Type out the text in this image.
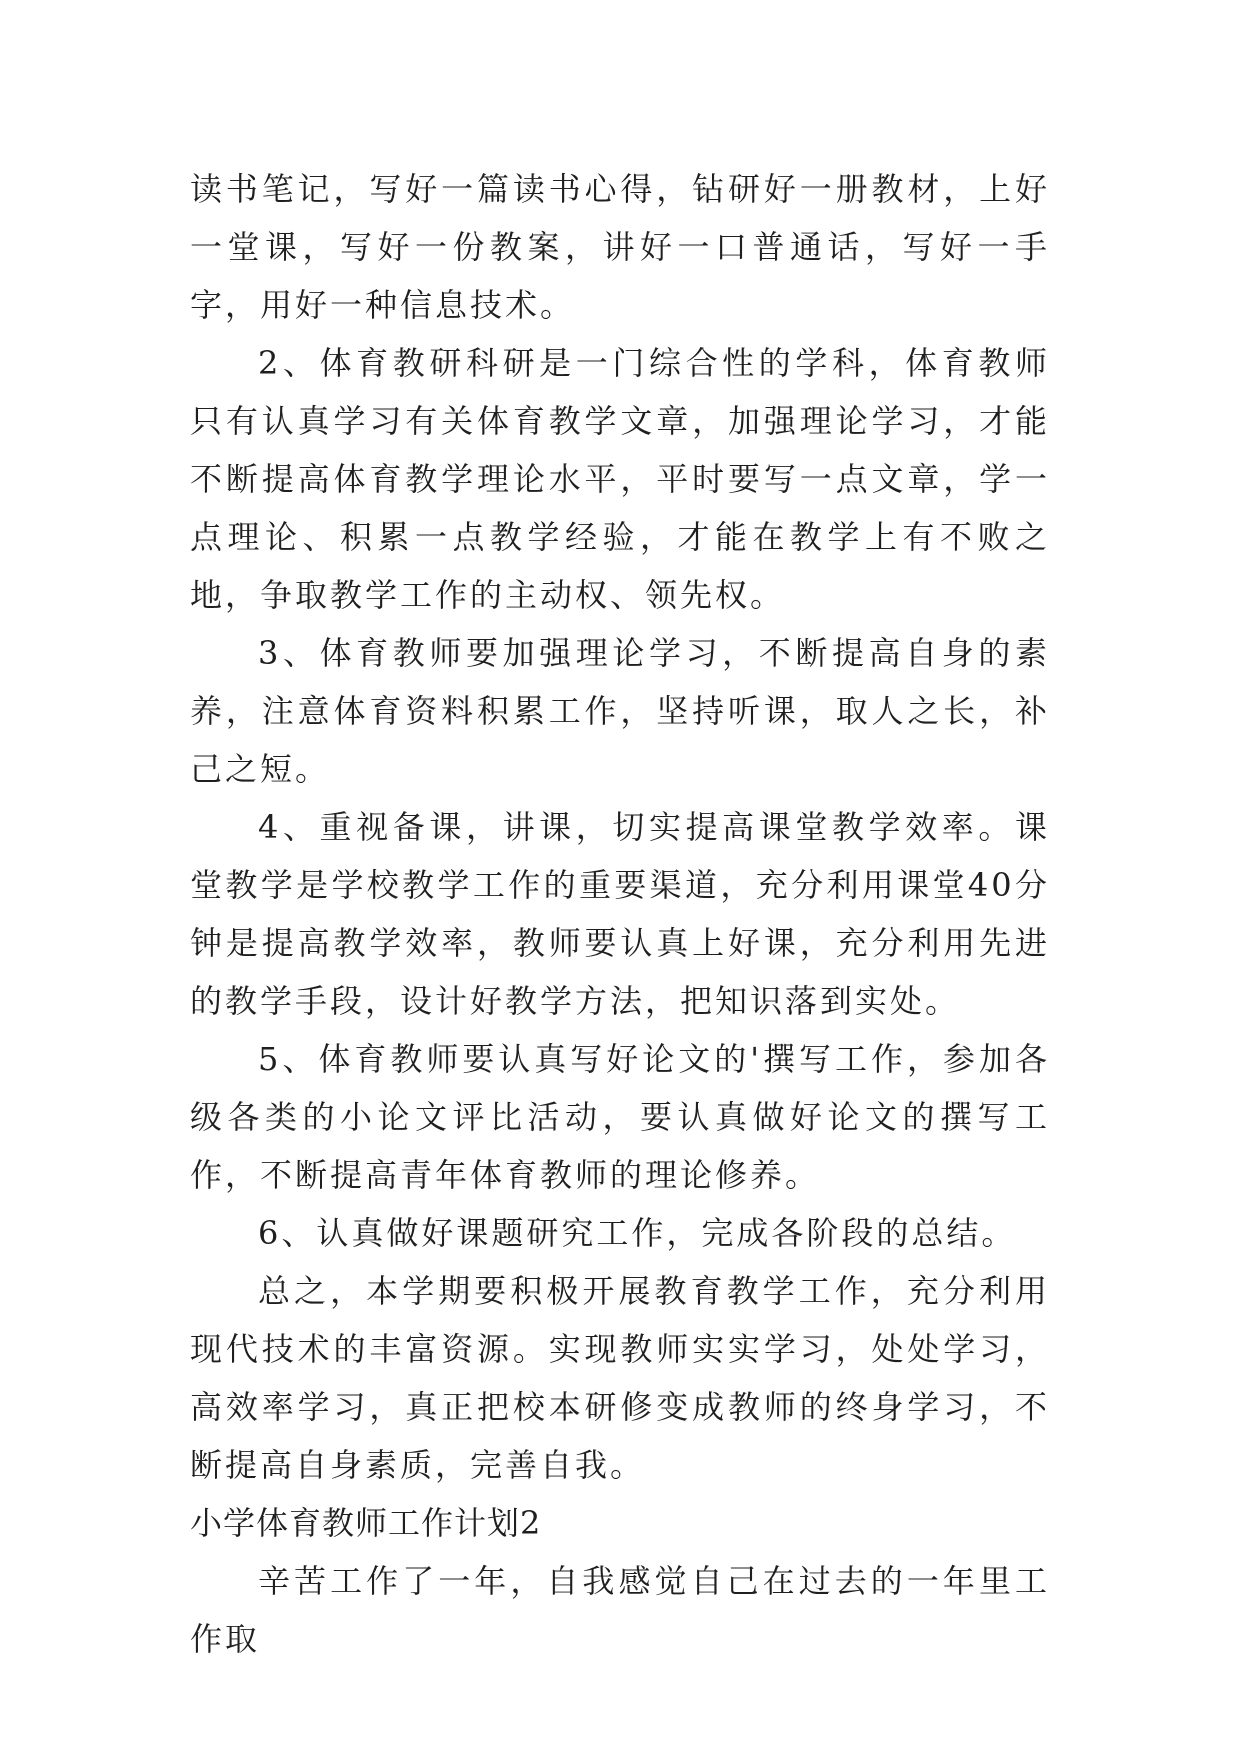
读书笔记，写好一篇读书心得，钻研好一册教材，上好一堂课，写好一份教案，讲好一口普通话，写好一手字，用好一种信息技术。

2、体育教研科研是一门综合性的学科，体育教师只有认真学习有关体育教学文章，加强理论学习，才能不断提高体育教学理论水平，平时要写一点文章，学一点理论、积累一点教学经验，才能在教学上有不败之地，争取教学工作的主动权、领先权。

3、体育教师要加强理论学习，不断提高自身的素养，注意体育资料积累工作，坚持听课，取人之长，补己之短。

4、重视备课，讲课，切实提高课堂教学效率。课堂教学是学校教学工作的重要渠道，充分利用课堂40分钟是提高教学效率，教师要认真上好课，充分利用先进的教学手段，设计好教学方法，把知识落到实处。

5、体育教师要认真写好论文的'撰写工作，参加各级各类的小论文评比活动，要认真做好论文的撰写工作，不断提高青年体育教师的理论修养。

6、认真做好课题研究工作，完成各阶段的总结。

总之，本学期要积极开展教育教学工作，充分利用现代技术的丰富资源。实现教师实实学习，处处学习，高效率学习，真正把校本研修变成教师的终身学习，不断提高自身素质，完善自我。

小学体育教师工作计划2

辛苦工作了一年，自我感觉自己在过去的一年里工作取
